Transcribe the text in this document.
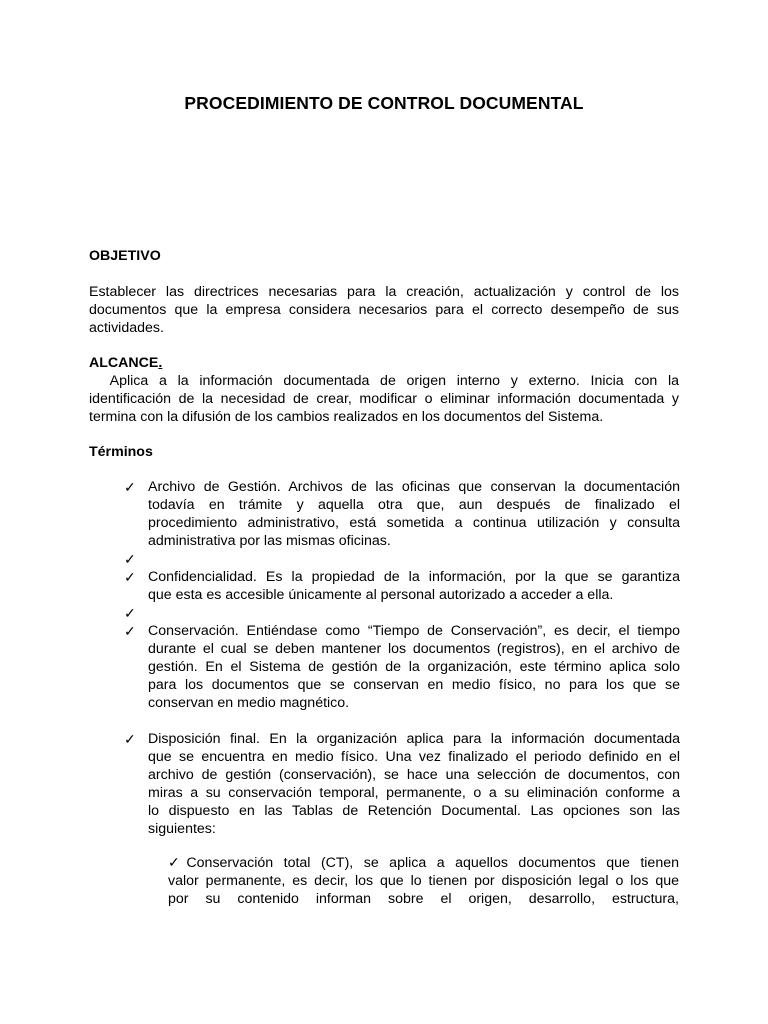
PROCEDIMIENTO DE CONTROL DOCUMENTAL
OBJETIVO
Establecer las directrices necesarias para la creación, actualización y control de los
documentos que la empresa considera necesarios para el correcto desempeño de sus
actividades.
ALCANCE.
Aplica a la información documentada de origen interno y externo. Inicia con la
identificación de la necesidad de crear, modificar o eliminar información documentada y
termina con la difusión de los cambios realizados en los documentos del Sistema.
Términos
✓ Archivo de Gestión. Archivos de las oficinas que conservan la documentación
todavía en trámite y aquella otra que, aun después de finalizado el
procedimiento administrativo, está sometida a continua utilización y consulta
administrativa por las mismas oficinas.
✓
✓ Confidencialidad. Es la propiedad de la información, por la que se garantiza
que esta es accesible únicamente al personal autorizado a acceder a ella.
✓
✓ Conservación. Entiéndase como “Tiempo de Conservación”, es decir, el tiempo
durante el cual se deben mantener los documentos (registros), en el archivo de
gestión. En el Sistema de gestión de la organización, este término aplica solo
para los documentos que se conservan en medio físico, no para los que se
conservan en medio magnético.
✓ Disposición final. En la organización aplica para la información documentada
que se encuentra en medio físico. Una vez finalizado el periodo definido en el
archivo de gestión (conservación), se hace una selección de documentos, con
miras a su conservación temporal, permanente, o a su eliminación conforme a
lo dispuesto en las Tablas de Retención Documental. Las opciones son las
siguientes:
✓Conservación total (CT), se aplica a aquellos documentos que tienen
valor permanente, es decir, los que lo tienen por disposición legal o los que
por su contenido informan sobre el origen, desarrollo, estructura,
